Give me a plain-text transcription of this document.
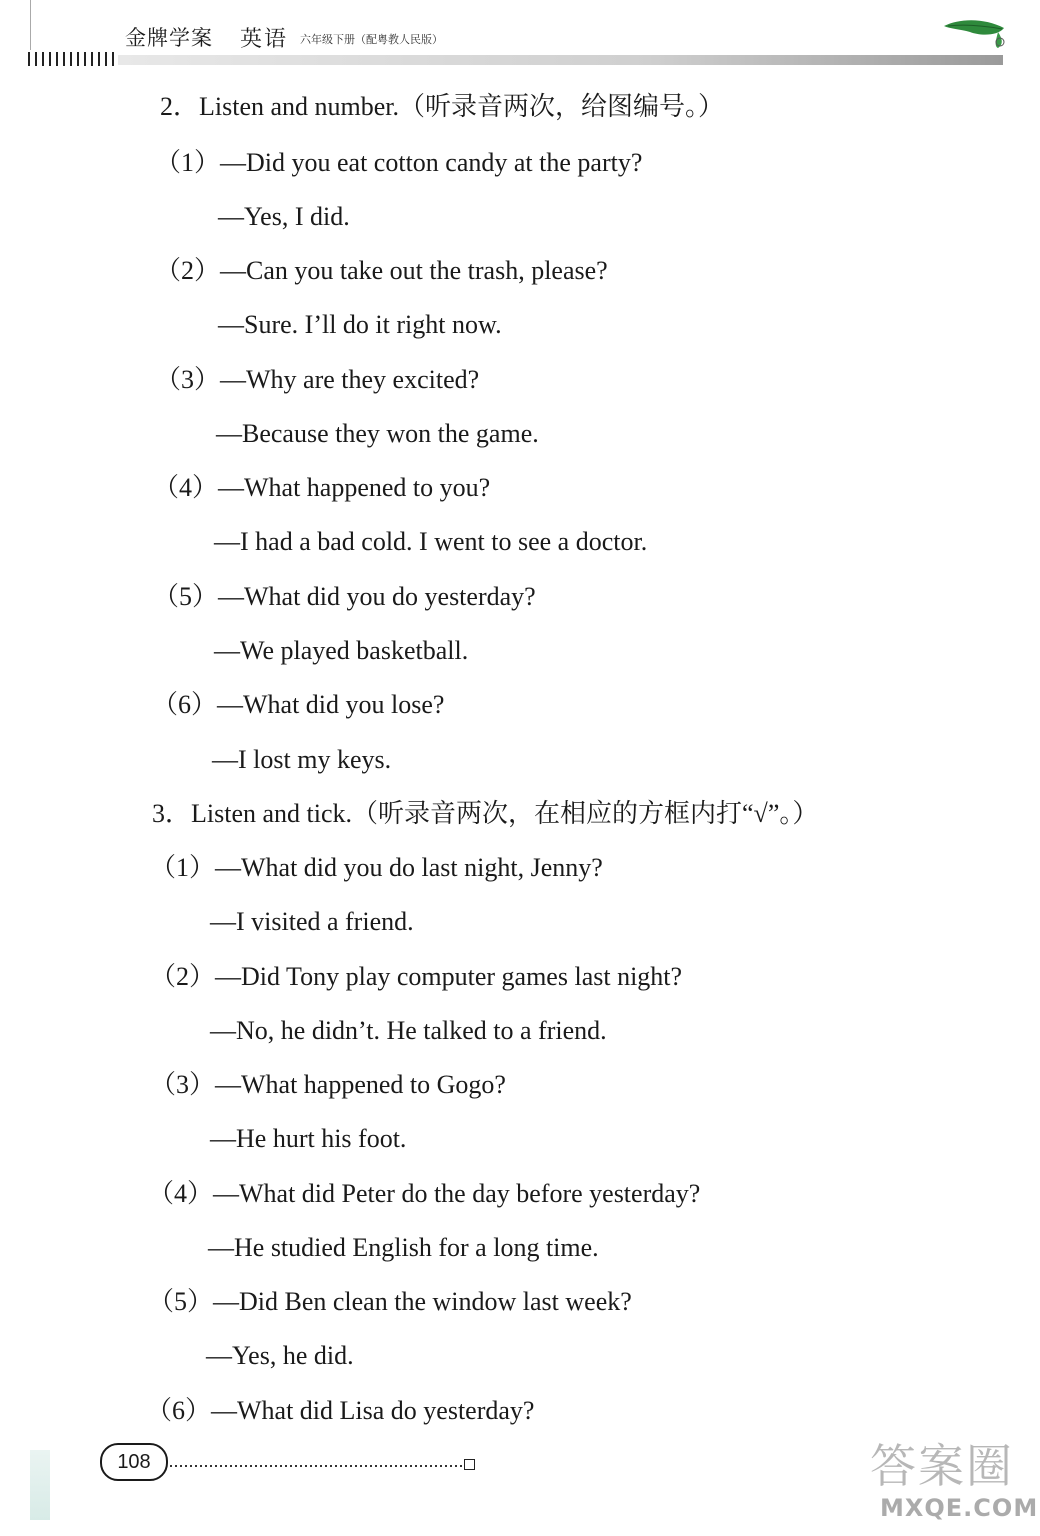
金牌学案 英语 六年级下册（配粤教人民版）
2．Listen and number.（听录音两次，给图编号。）
（1）—Did you eat cotton candy at the party?
—Yes, I did.
（2）—Can you take out the trash, please?
—Sure. I’ll do it right now.
（3）—Why are they excited?
—Because they won the game.
（4）—What happened to you?
—I had a bad cold. I went to see a doctor.
（5）—What did you do yesterday?
—We played basketball.
（6）—What did you lose?
—I lost my keys.
3．Listen and tick.（听录音两次，在相应的方框内打“√”。）
（1）—What did you do last night, Jenny?
—I visited a friend.
（2）—Did Tony play computer games last night?
—No, he didn’t. He talked to a friend.
（3）—What happened to Gogo?
—He hurt his foot.
（4）—What did Peter do the day before yesterday?
—He studied English for a long time.
（5）—Did Ben clean the window last week?
—Yes, he did.
（6）—What did Lisa do yesterday?
108	答案圈
MXQE.COM
